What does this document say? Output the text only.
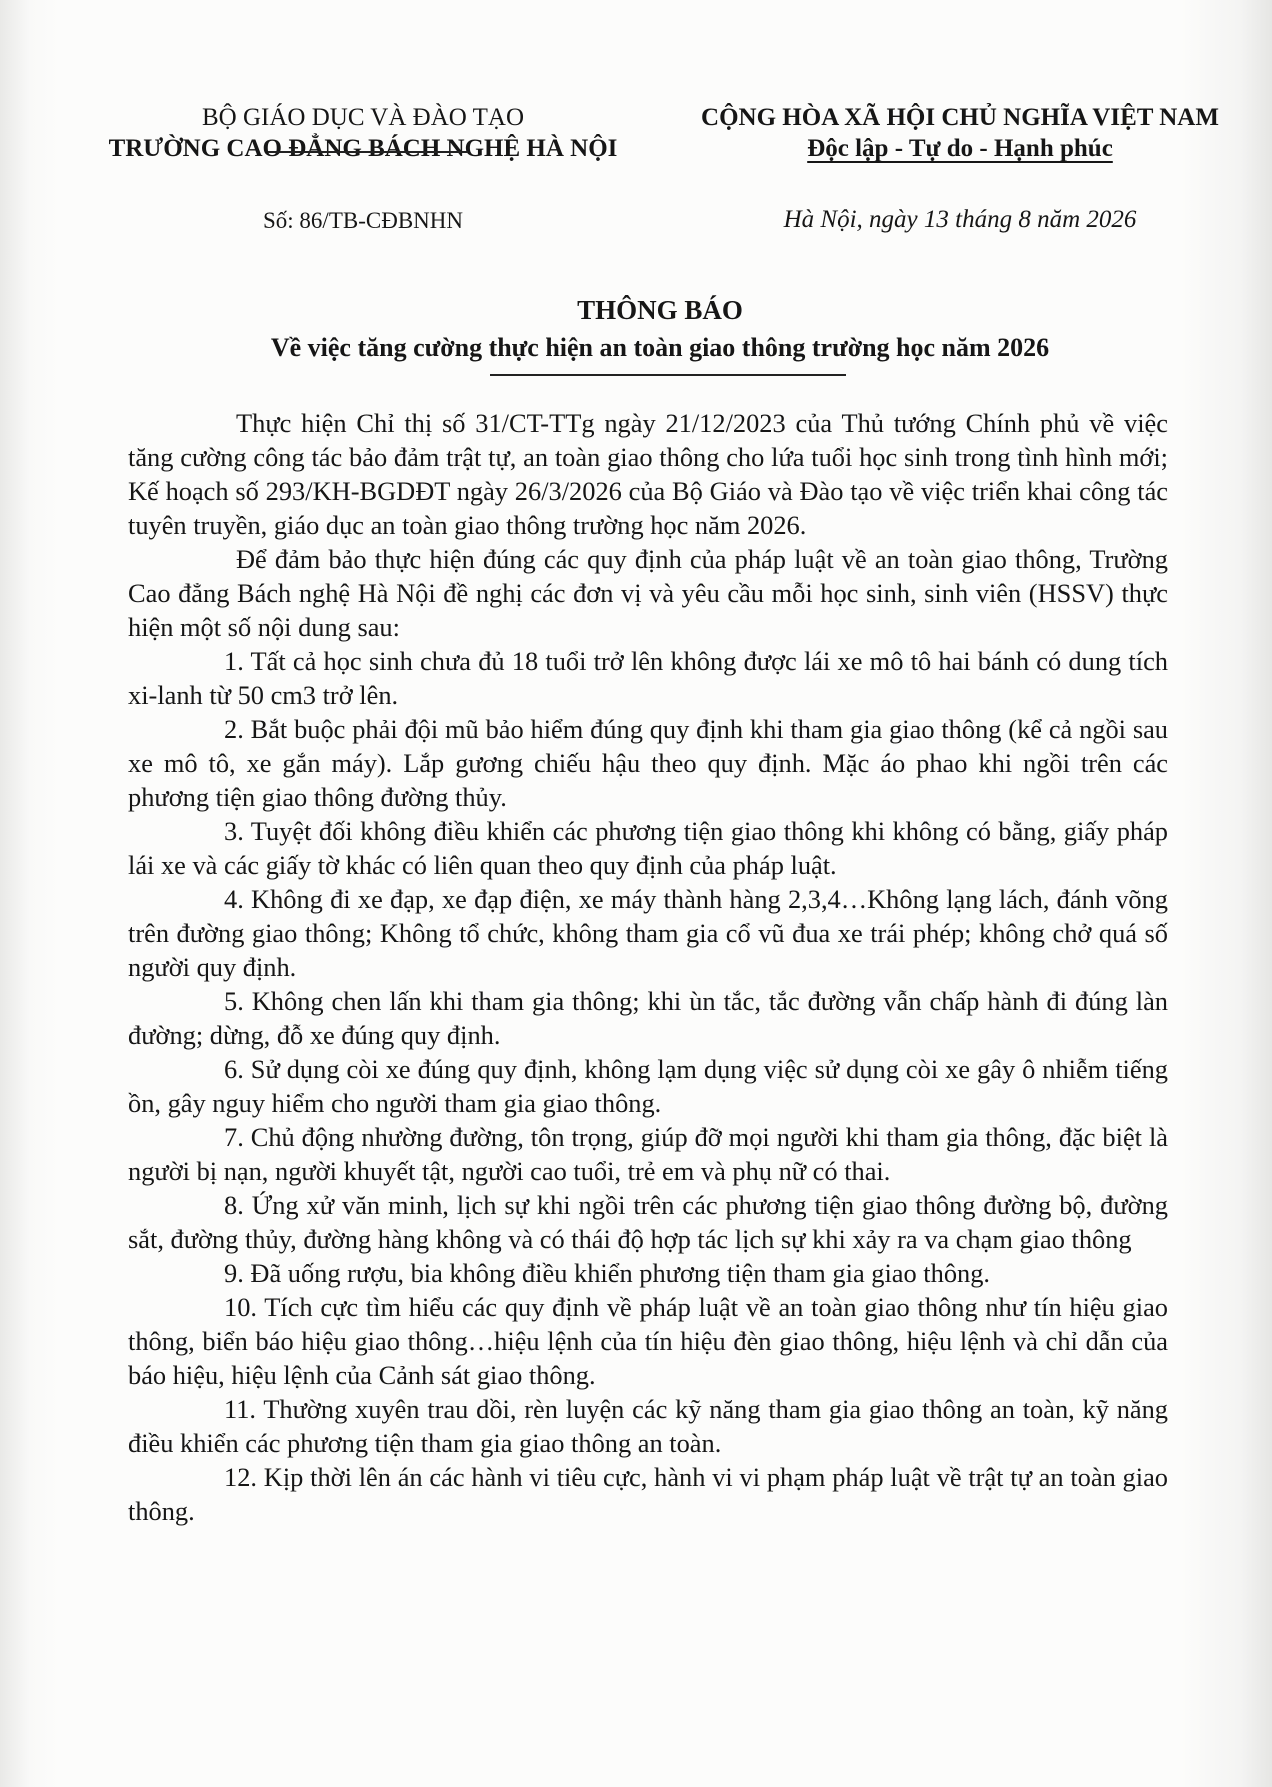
BỘ GIÁO DỤC VÀ ĐÀO TẠO
TRƯỜNG CAO ĐẲNG BÁCH NGHỆ HÀ NỘI
CỘNG HÒA XÃ HỘI CHỦ NGHĨA VIỆT NAM
Độc lập - Tự do - Hạnh phúc
Số: 86/TB-CĐBNHN	Hà Nội, ngày 13 tháng 8 năm 2026
THÔNG BÁO
Về việc tăng cường thực hiện an toàn giao thông trường học năm 2026

Thực hiện Chỉ thị số 31/CT-TTg ngày 21/12/2023 của Thủ tướng Chính phủ về việc tăng cường công tác bảo đảm trật tự, an toàn giao thông cho lứa tuổi học sinh trong tình hình mới; Kế hoạch số 293/KH-BGDĐT ngày 26/3/2026 của Bộ Giáo và Đào tạo về việc triển khai công tác tuyên truyền, giáo dục an toàn giao thông trường học năm 2026.

Để đảm bảo thực hiện đúng các quy định của pháp luật về an toàn giao thông, Trường Cao đẳng Bách nghệ Hà Nội đề nghị các đơn vị và yêu cầu mỗi học sinh, sinh viên (HSSV) thực hiện một số nội dung sau:

1. Tất cả học sinh chưa đủ 18 tuổi trở lên không được lái xe mô tô hai bánh có dung tích xi-lanh từ 50 cm3 trở lên.

2. Bắt buộc phải đội mũ bảo hiểm đúng quy định khi tham gia giao thông (kể cả ngồi sau xe mô tô, xe gắn máy). Lắp gương chiếu hậu theo quy định. Mặc áo phao khi ngồi trên các phương tiện giao thông đường thủy.

3. Tuyệt đối không điều khiển các phương tiện giao thông khi không có bằng, giấy pháp lái xe và các giấy tờ khác có liên quan theo quy định của pháp luật.

4. Không đi xe đạp, xe đạp điện, xe máy thành hàng 2,3,4…Không lạng lách, đánh võng trên đường giao thông; Không tổ chức, không tham gia cổ vũ đua xe trái phép; không chở quá số người quy định.

5. Không chen lấn khi tham gia thông; khi ùn tắc, tắc đường vẫn chấp hành đi đúng làn đường; dừng, đỗ xe đúng quy định.

6. Sử dụng còi xe đúng quy định, không lạm dụng việc sử dụng còi xe gây ô nhiễm tiếng ồn, gây nguy hiểm cho người tham gia giao thông.

7. Chủ động nhường đường, tôn trọng, giúp đỡ mọi người khi tham gia thông, đặc biệt là người bị nạn, người khuyết tật, người cao tuổi, trẻ em và phụ nữ có thai.

8. Ứng xử văn minh, lịch sự khi ngồi trên các phương tiện giao thông đường bộ, đường sắt, đường thủy, đường hàng không và có thái độ hợp tác lịch sự khi xảy ra va chạm giao thông

9. Đã uống rượu, bia không điều khiển phương tiện tham gia giao thông.

10. Tích cực tìm hiểu các quy định về pháp luật về an toàn giao thông như tín hiệu giao thông, biển báo hiệu giao thông…hiệu lệnh của tín hiệu đèn giao thông, hiệu lệnh và chỉ dẫn của báo hiệu, hiệu lệnh của Cảnh sát giao thông.

11. Thường xuyên trau dồi, rèn luyện các kỹ năng tham gia giao thông an toàn, kỹ năng điều khiển các phương tiện tham gia giao thông an toàn.

12. Kịp thời lên án các hành vi tiêu cực, hành vi vi phạm pháp luật về trật tự an toàn giao thông.
